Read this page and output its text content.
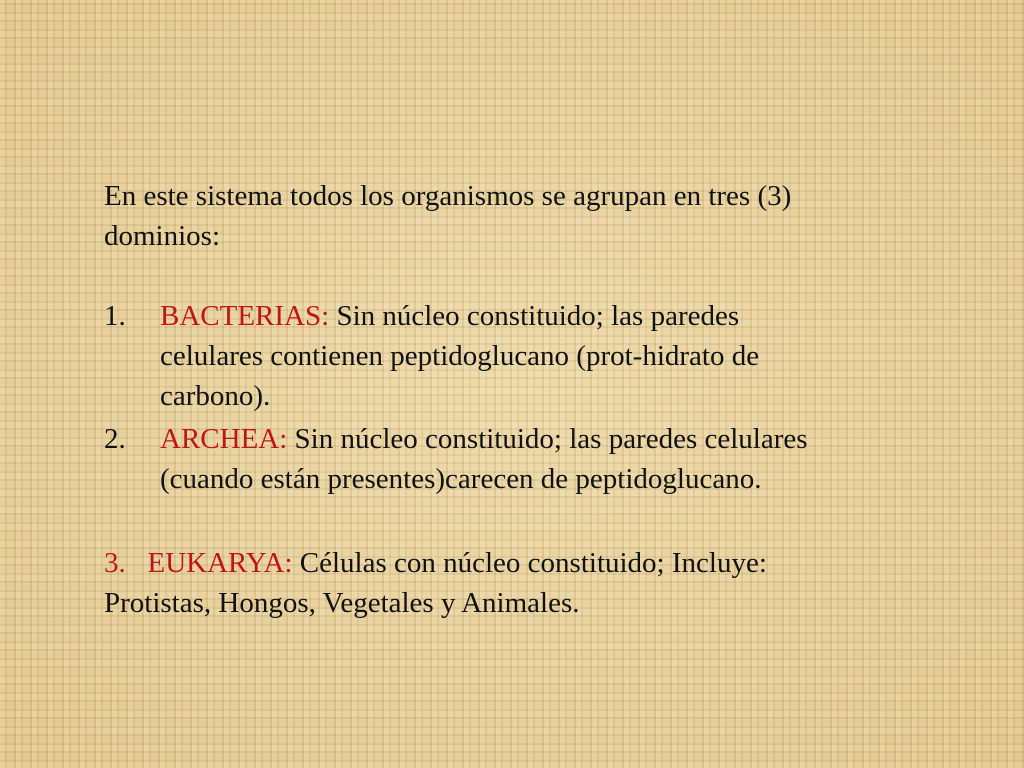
En este sistema todos los organismos se agrupan en tres (3)

dominios:

1. BACTERIAS: Sin núcleo constituido; las paredes

celulares contienen peptidoglucano (prot-hidrato de

carbono).

2. ARCHEA: Sin núcleo constituido; las paredes celulares

(cuando están presentes)carecen de peptidoglucano.

3. EUKARYA: Células con núcleo constituido; Incluye:

Protistas, Hongos, Vegetales y Animales.
